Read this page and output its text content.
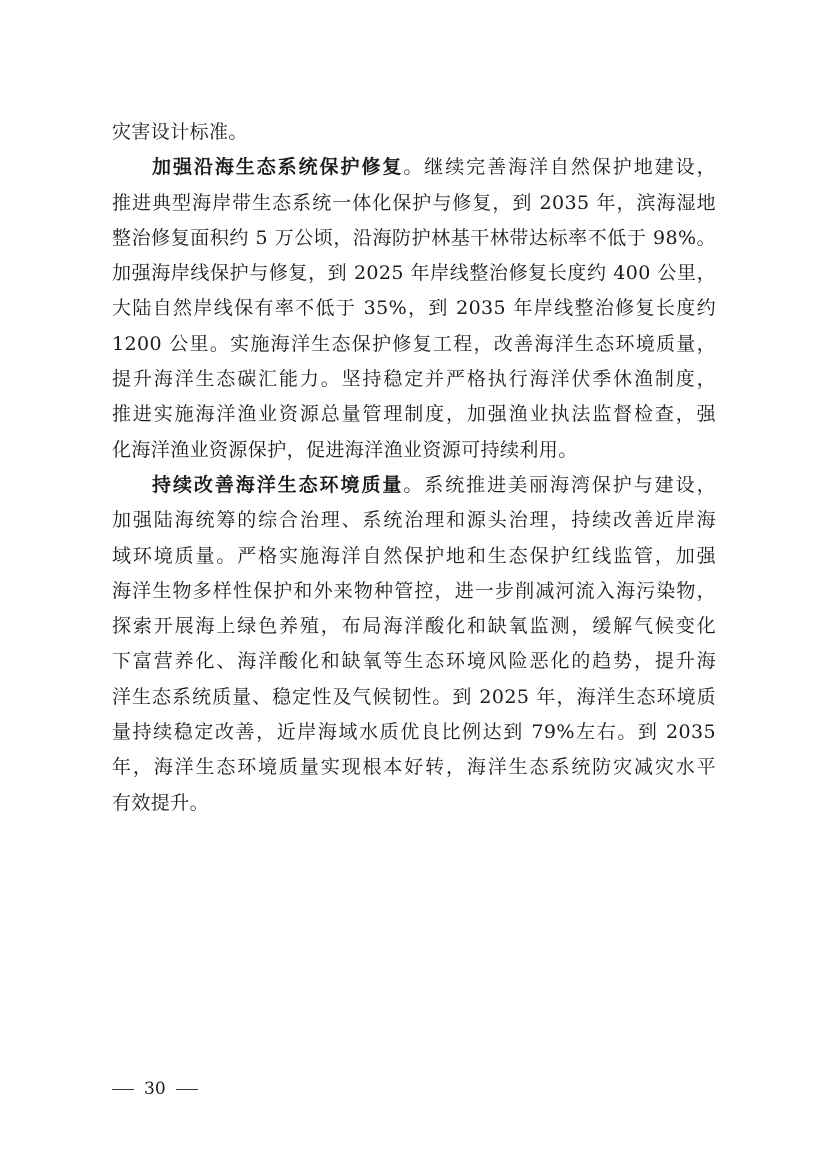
灾害设计标准。
加强沿海生态系统保护修复。继续完善海洋自然保护地建设，
推进典型海岸带生态系统一体化保护与修复，到 2035 年，滨海湿地
整治修复面积约 5 万公顷，沿海防护林基干林带达标率不低于 98%。
加强海岸线保护与修复，到 2025 年岸线整治修复长度约 400 公里，
大陆自然岸线保有率不低于 35%，到 2035 年岸线整治修复长度约
1200 公里。实施海洋生态保护修复工程，改善海洋生态环境质量，
提升海洋生态碳汇能力。坚持稳定并严格执行海洋伏季休渔制度，
推进实施海洋渔业资源总量管理制度，加强渔业执法监督检查，强
化海洋渔业资源保护，促进海洋渔业资源可持续利用。
持续改善海洋生态环境质量。系统推进美丽海湾保护与建设，
加强陆海统筹的综合治理、系统治理和源头治理，持续改善近岸海
域环境质量。严格实施海洋自然保护地和生态保护红线监管，加强
海洋生物多样性保护和外来物种管控，进一步削减河流入海污染物，
探索开展海上绿色养殖，布局海洋酸化和缺氧监测，缓解气候变化
下富营养化、海洋酸化和缺氧等生态环境风险恶化的趋势，提升海
洋生态系统质量、稳定性及气候韧性。到 2025 年，海洋生态环境质
量持续稳定改善，近岸海域水质优良比例达到 79%左右。到 2035
年，海洋生态环境质量实现根本好转，海洋生态系统防灾减灾水平
有效提升。
30
